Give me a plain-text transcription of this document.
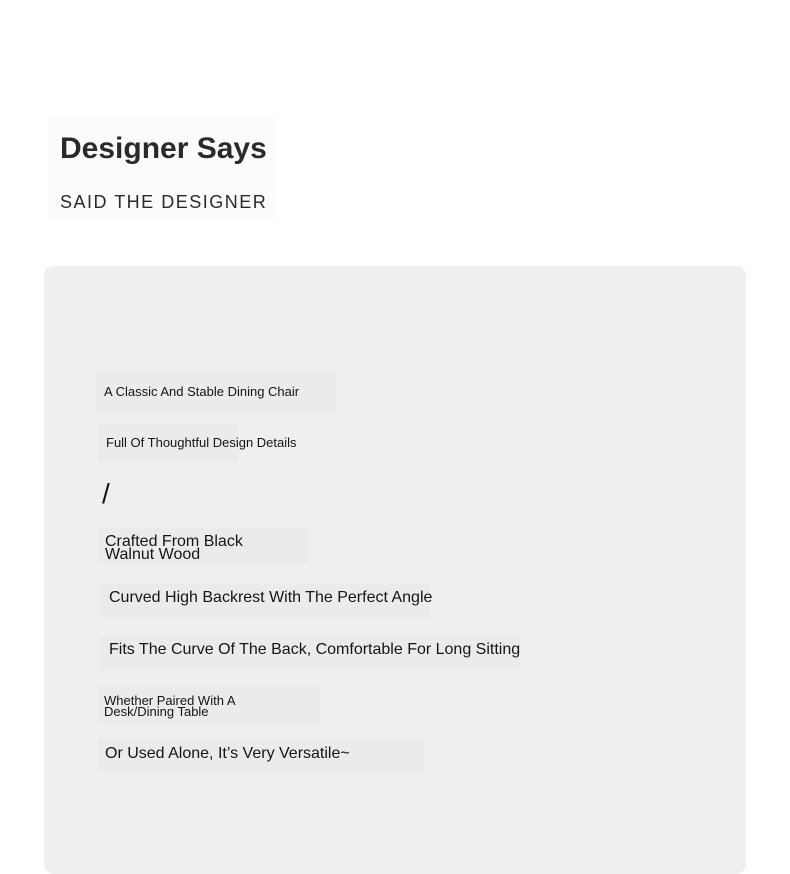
Designer Says
SAID THE DESIGNER
A Classic And Stable Dining Chair
Full Of Thoughtful Design Details
/
Crafted From Black
Walnut Wood
Curved High Backrest With The Perfect Angle
Fits The Curve Of The Back, Comfortable For Long Sitting
Whether Paired With A
Desk/Dining Table
Or Used Alone, It’s Very Versatile~
